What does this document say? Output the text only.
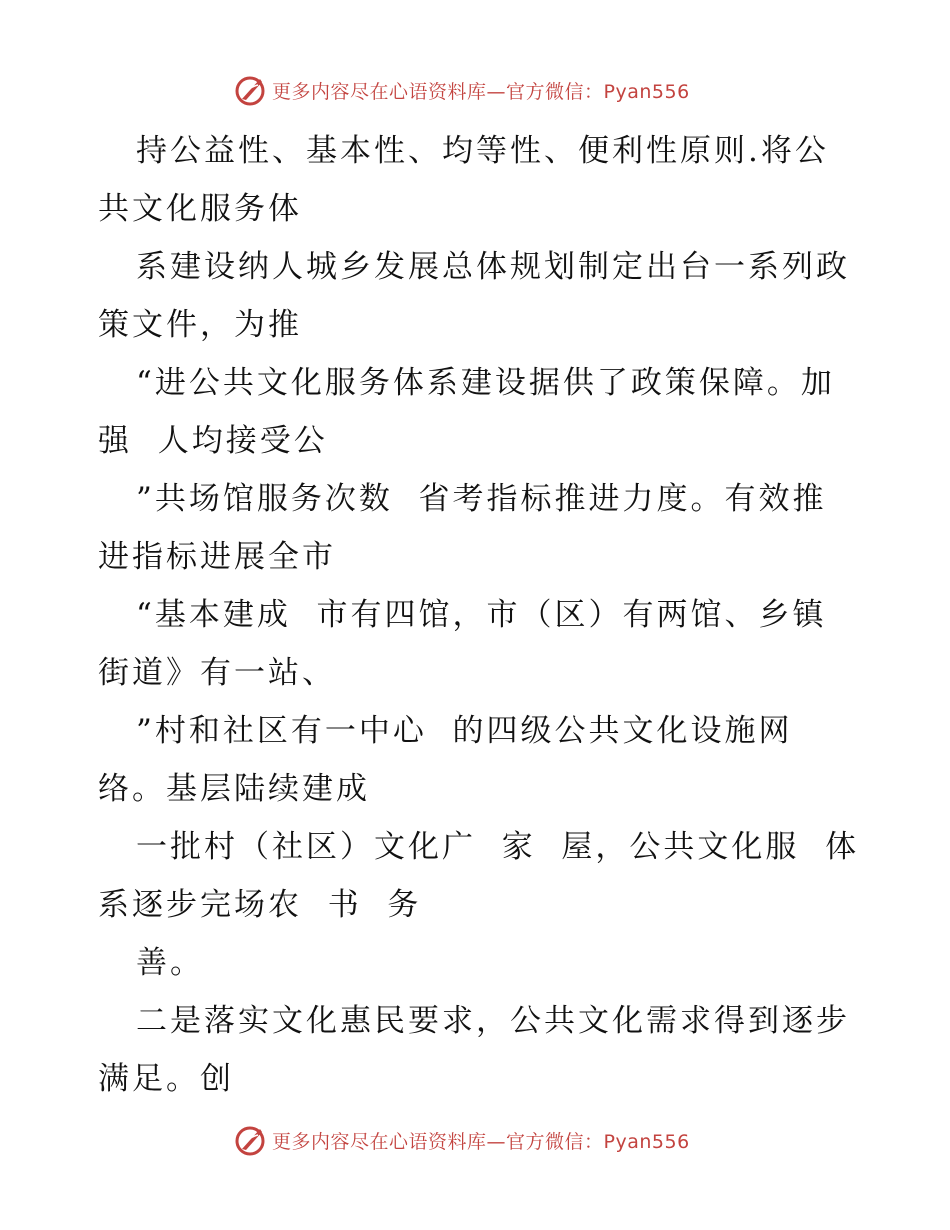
更多内容尽在心语资料库—官方微信：Pyan556
持公益性、基本性、均等性、便利性原则.将公
共文化服务体
系建设纳人城乡发展总体规划制定出台一系列政
策文件，为推
“进公共文化服务体系建设据供了政策保障。加
强  人均接受公
”共场馆服务次数  省考指标推进力度。有效推
进指标进展全市
“基本建成  市有四馆，市（区）有两馆、乡镇
街道》有一站、
”村和社区有一中心  的四级公共文化设施网
络。基层陆续建成
一批村（社区）文化广  家  屋，公共文化服  体
系逐步完场农  书  务
善。
二是落实文化惠民要求，公共文化需求得到逐步
满足。创
更多内容尽在心语资料库—官方微信：Pyan556
